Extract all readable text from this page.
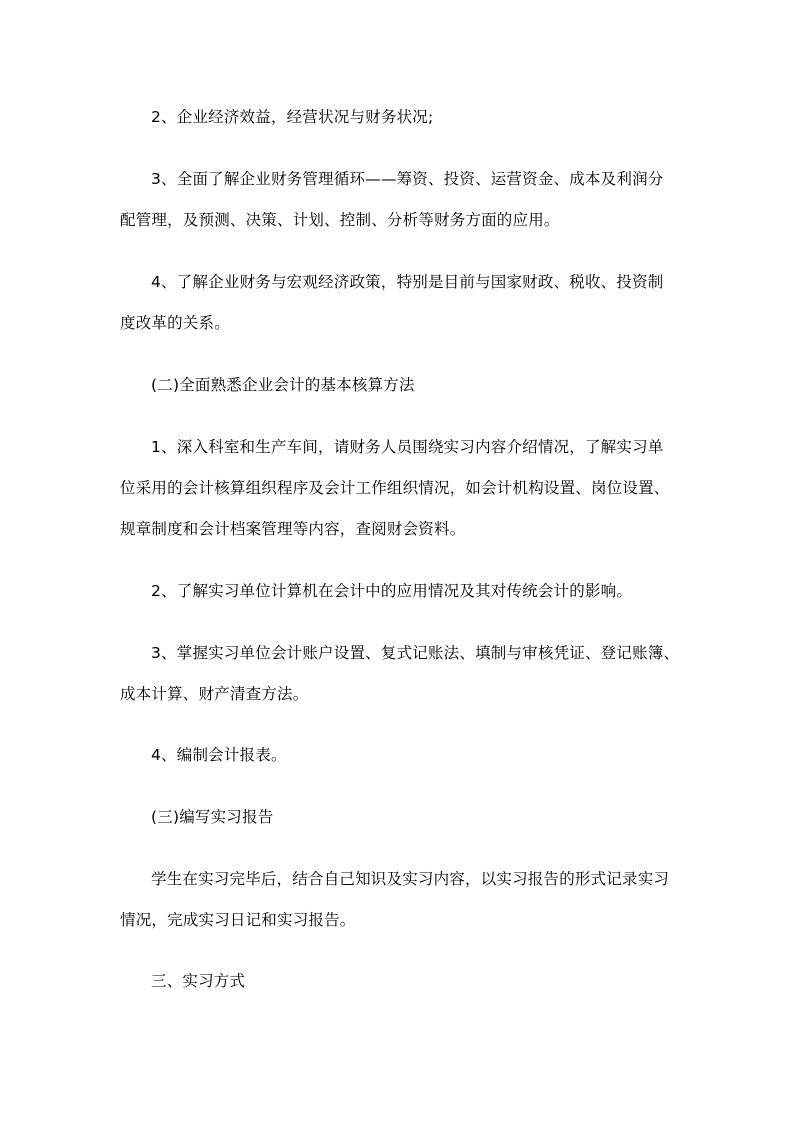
2、企业经济效益，经营状况与财务状况;
3、全面了解企业财务管理循环——筹资、投资、运营资金、成本及利润分
配管理，及预测、决策、计划、控制、分析等财务方面的应用。
4、了解企业财务与宏观经济政策，特别是目前与国家财政、税收、投资制
度改革的关系。
(二)全面熟悉企业会计的基本核算方法
1、深入科室和生产车间，请财务人员围绕实习内容介绍情况，了解实习单
位采用的会计核算组织程序及会计工作组织情况，如会计机构设置、岗位设置、
规章制度和会计档案管理等内容，查阅财会资料。
2、了解实习单位计算机在会计中的应用情况及其对传统会计的影响。
3、掌握实习单位会计账户设置、复式记账法、填制与审核凭证、登记账簿、
成本计算、财产清查方法。
4、编制会计报表。
(三)编写实习报告
学生在实习完毕后，结合自己知识及实习内容，以实习报告的形式记录实习
情况，完成实习日记和实习报告。
三、实习方式
